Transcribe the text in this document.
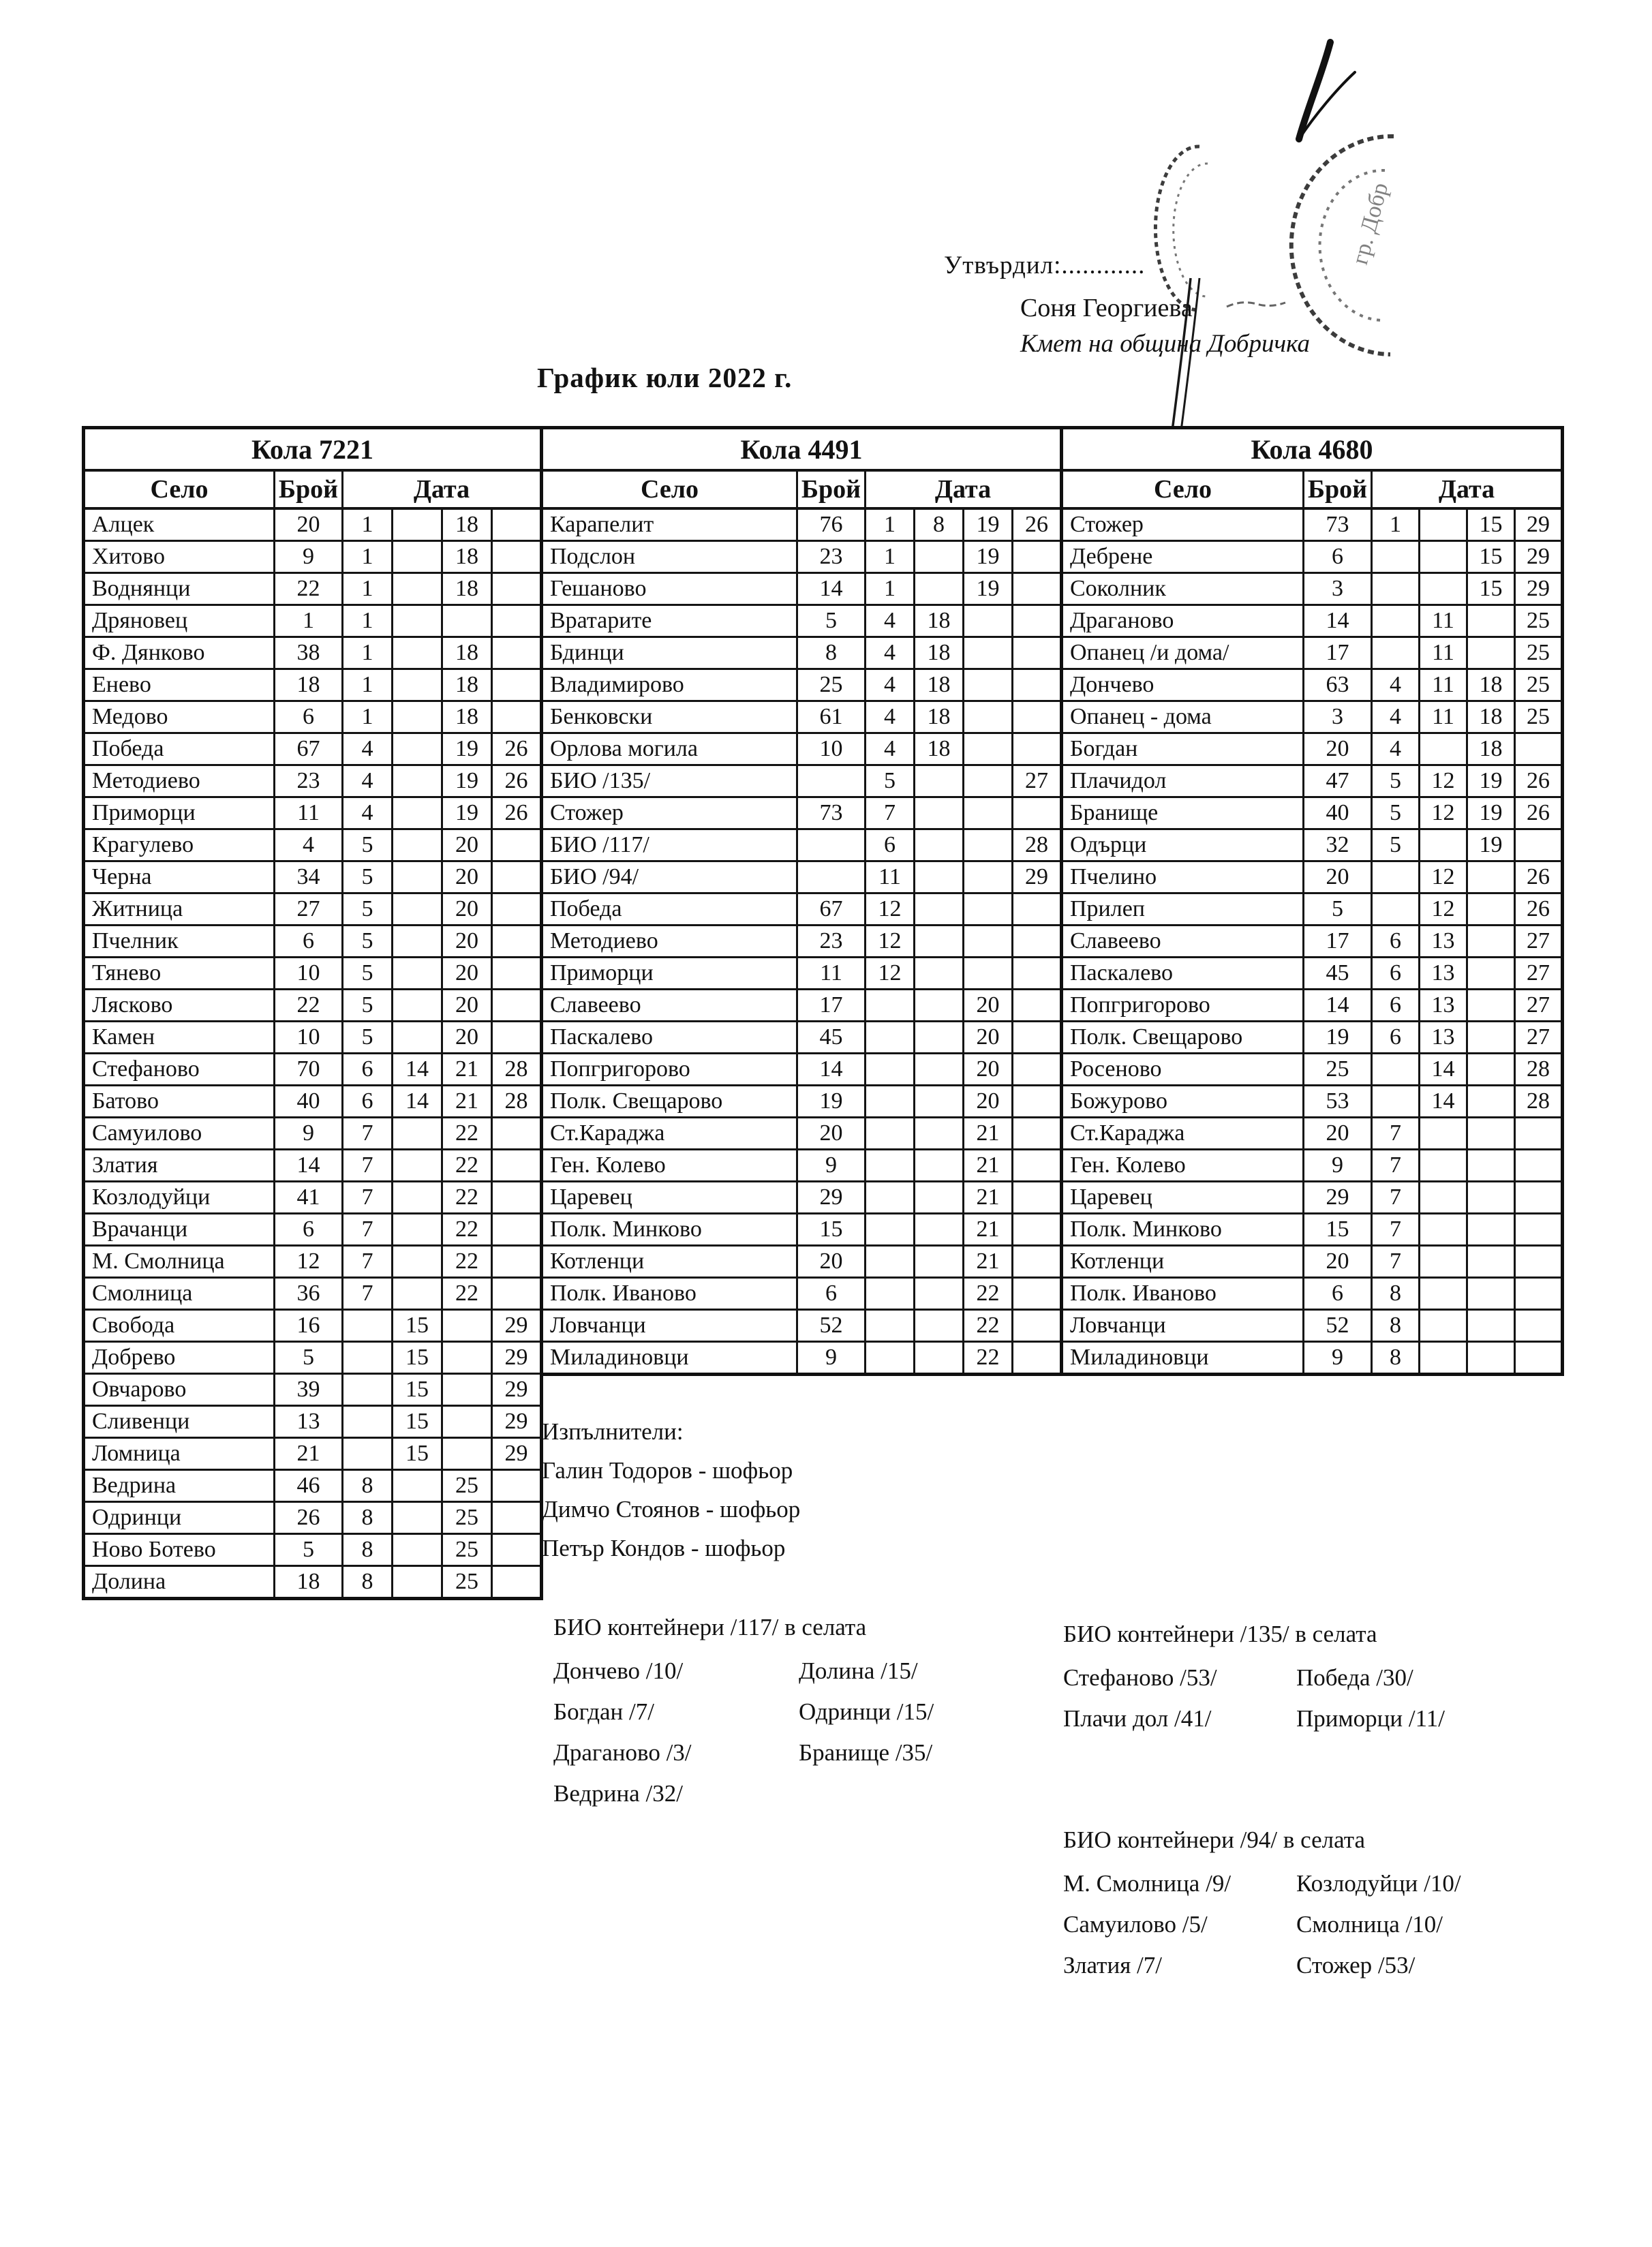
гр. Добр
Утвърдил:............
Соня Георгиева
Кмет на община Добричка
График юли 2022 г.
Кола 7221					
Село	Брой	Дата			
Алцек	20	1		18	
Хитово	9	1		18	
Воднянци	22	1		18	
Дряновец	1	1			
Ф. Дянково	38	1		18	
Енево	18	1		18	
Медово	6	1		18	
Победа	67	4		19	26
Методиево	23	4		19	26
Приморци	11	4		19	26
Крагулево	4	5		20	
Черна	34	5		20	
Житница	27	5		20	
Пчелник	6	5		20	
Тянево	10	5		20	
Лясково	22	5		20	
Камен	10	5		20	
Стефаново	70	6	14	21	28
Батово	40	6	14	21	28
Самуилово	9	7		22	
Златия	14	7		22	
Козлодуйци	41	7		22	
Врачанци	6	7		22	
М. Смолница	12	7		22	
Смолница	36	7		22	
Свобода	16		15		29
Добрево	5		15		29
Овчарово	39		15		29
Сливенци	13		15		29
Ломница	21		15		29
Ведрина	46	8		25	
Одринци	26	8		25	
Ново Ботево	5	8		25	
Долина	18	8		25	
Кола 4491					
Село	Брой	Дата			
Карапелит	76	1	8	19	26
Подслон	23	1		19	
Гешаново	14	1		19	
Вратарите	5	4	18		
Бдинци	8	4	18		
Владимирово	25	4	18		
Бенковски	61	4	18		
Орлова могила	10	4	18		
БИО /135/		5			27
Стожер	73	7			
БИО /117/		6			28
БИО /94/		11			29
Победа	67	12			
Методиево	23	12			
Приморци	11	12			
Славеево	17			20	
Паскалево	45			20	
Попгригорово	14			20	
Полк. Свещарово	19			20	
Ст.Караджа	20			21	
Ген. Колево	9			21	
Царевец	29			21	
Полк. Минково	15			21	
Котленци	20			21	
Полк. Иваново	6			22	
Ловчанци	52			22	
Миладиновци	9			22	
Кола 4680					
Село	Брой	Дата			
Стожер	73	1		15	29
Дебрене	6			15	29
Соколник	3			15	29
Драганово	14		11		25
Опанец /и дома/	17		11		25
Дончево	63	4	11	18	25
Опанец - дома	3	4	11	18	25
Богдан	20	4		18	
Плачидол	47	5	12	19	26
Бранище	40	5	12	19	26
Одърци	32	5		19	
Пчелино	20		12		26
Прилеп	5		12		26
Славеево	17	6	13		27
Паскалево	45	6	13		27
Попгригорово	14	6	13		27
Полк. Свещарово	19	6	13		27
Росеново	25		14		28
Божурово	53		14		28
Ст.Караджа	20	7			
Ген. Колево	9	7			
Царевец	29	7			
Полк. Минково	15	7			
Котленци	20	7			
Полк. Иваново	6	8			
Ловчанци	52	8			
Миладиновци	9	8			
Изпълнители:
Галин Тодоров - шофьор
Димчо Стоянов - шофьор
Петър Кондов - шофьор
БИО контейнери /117/ в селата
Дончево /10/
Богдан /7/
Драганово /3/
Ведрина /32/
Долина /15/
Одринци /15/
Бранище /35/
БИО контейнери /135/ в селата
Стефаново /53/
Плачи дол /41/
Победа /30/
Приморци /11/
БИО контейнери /94/ в селата
М. Смолница /9/
Самуилово /5/
Златия /7/
Козлодуйци /10/
Смолница /10/
Стожер /53/
